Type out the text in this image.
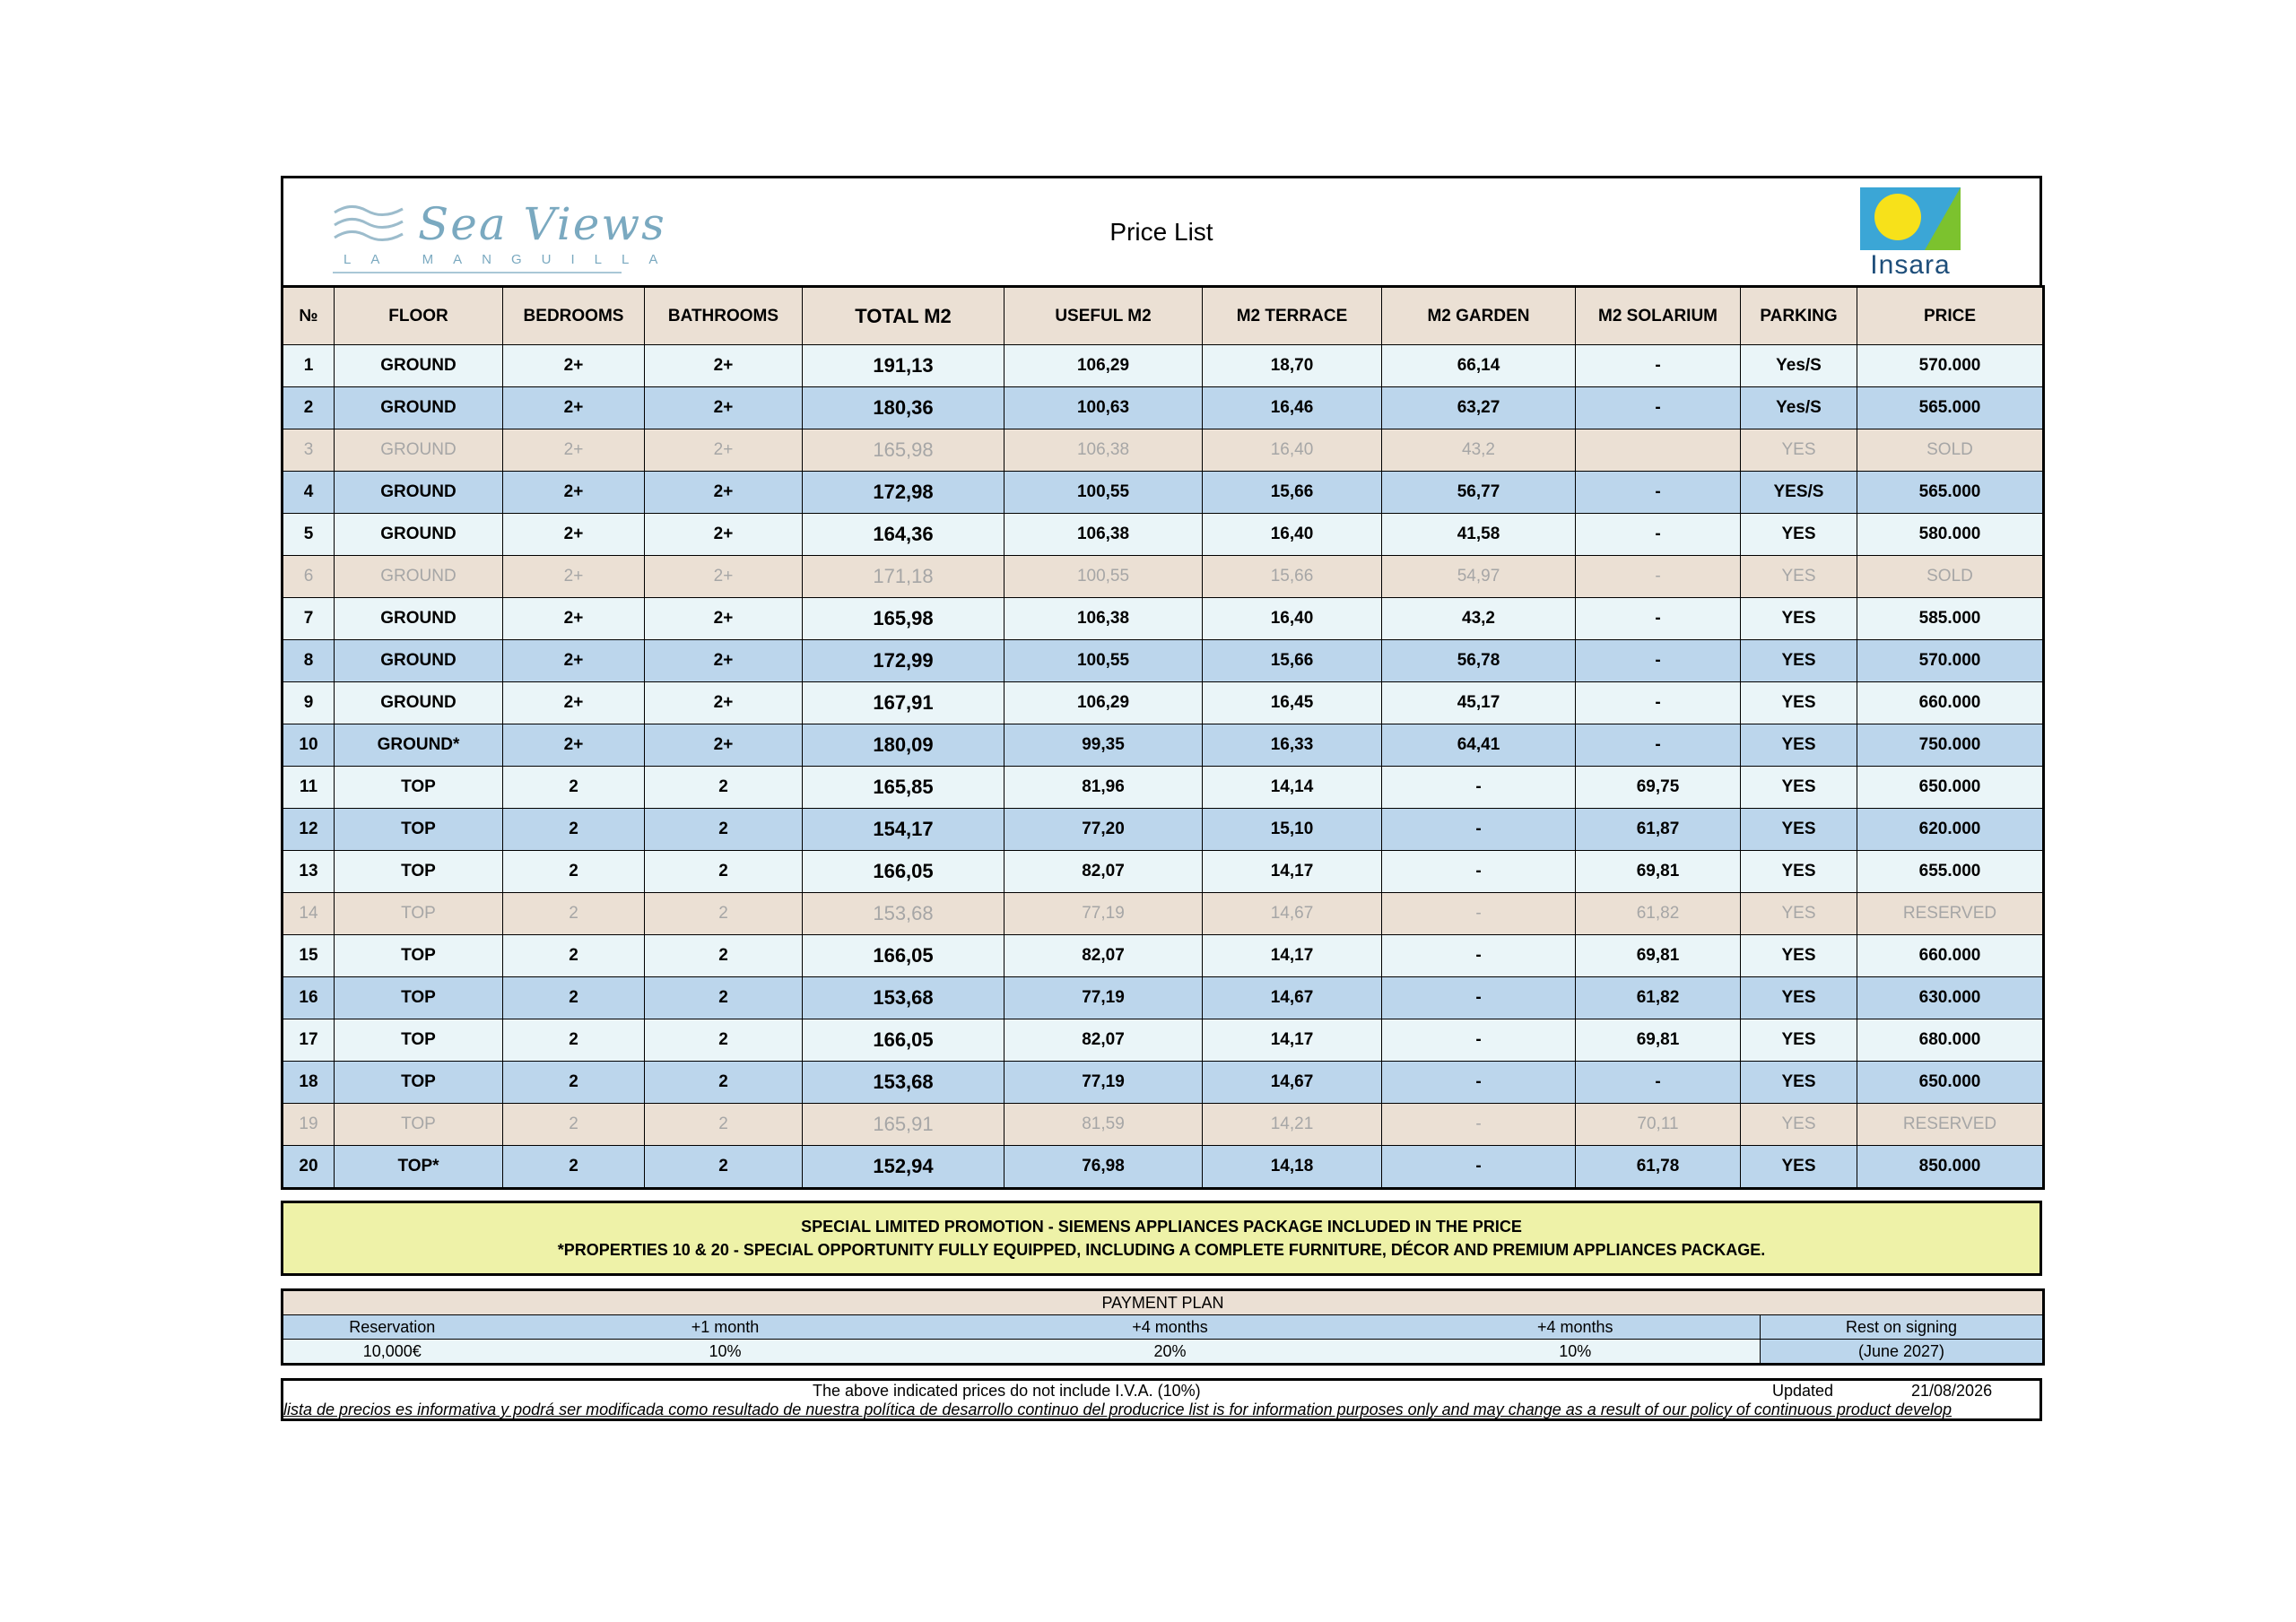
Sea Views
LA MANGUILLA
Price List
Insara
№	FLOOR	BEDROOMS	BATHROOMS	TOTAL M2	USEFUL M2	M2 TERRACE	M2 GARDEN	M2 SOLARIUM	PARKING	PRICE
1	GROUND	2+	2+	191,13	106,29	18,70	66,14	-	Yes/S	570.000
2	GROUND	2+	2+	180,36	100,63	16,46	63,27	-	Yes/S	565.000
3	GROUND	2+	2+	165,98	106,38	16,40	43,2		YES	SOLD
4	GROUND	2+	2+	172,98	100,55	15,66	56,77	-	YES/S	565.000
5	GROUND	2+	2+	164,36	106,38	16,40	41,58	-	YES	580.000
6	GROUND	2+	2+	171,18	100,55	15,66	54,97	-	YES	SOLD
7	GROUND	2+	2+	165,98	106,38	16,40	43,2	-	YES	585.000
8	GROUND	2+	2+	172,99	100,55	15,66	56,78	-	YES	570.000
9	GROUND	2+	2+	167,91	106,29	16,45	45,17	-	YES	660.000
10	GROUND*	2+	2+	180,09	99,35	16,33	64,41	-	YES	750.000
11	TOP	2	2	165,85	81,96	14,14	-	69,75	YES	650.000
12	TOP	2	2	154,17	77,20	15,10	-	61,87	YES	620.000
13	TOP	2	2	166,05	82,07	14,17	-	69,81	YES	655.000
14	TOP	2	2	153,68	77,19	14,67	-	61,82	YES	RESERVED
15	TOP	2	2	166,05	82,07	14,17	-	69,81	YES	660.000
16	TOP	2	2	153,68	77,19	14,67	-	61,82	YES	630.000
17	TOP	2	2	166,05	82,07	14,17	-	69,81	YES	680.000
18	TOP	2	2	153,68	77,19	14,67	-	-	YES	650.000
19	TOP	2	2	165,91	81,59	14,21	-	70,11	YES	RESERVED
20	TOP*	2	2	152,94	76,98	14,18	-	61,78	YES	850.000
SPECIAL LIMITED PROMOTION - SIEMENS APPLIANCES PACKAGE INCLUDED IN THE PRICE
*PROPERTIES 10 & 20 - SPECIAL OPPORTUNITY FULLY EQUIPPED, INCLUDING A COMPLETE FURNITURE, DÉCOR AND PREMIUM APPLIANCES PACKAGE.
PAYMENT PLAN				
Reservation	+1 month	+4 months	+4 months	Rest on signing
10,000€	10%	20%	10%	(June 2027)
The above indicated prices do not include I.V.A. (10%)	Updated	21/08/2026
lista de precios es informativa y podrá ser modificada como resultado de nuestra política de desarrollo continuo del producrice list is for information purposes only and may change as a result of our policy of continuous product develop
